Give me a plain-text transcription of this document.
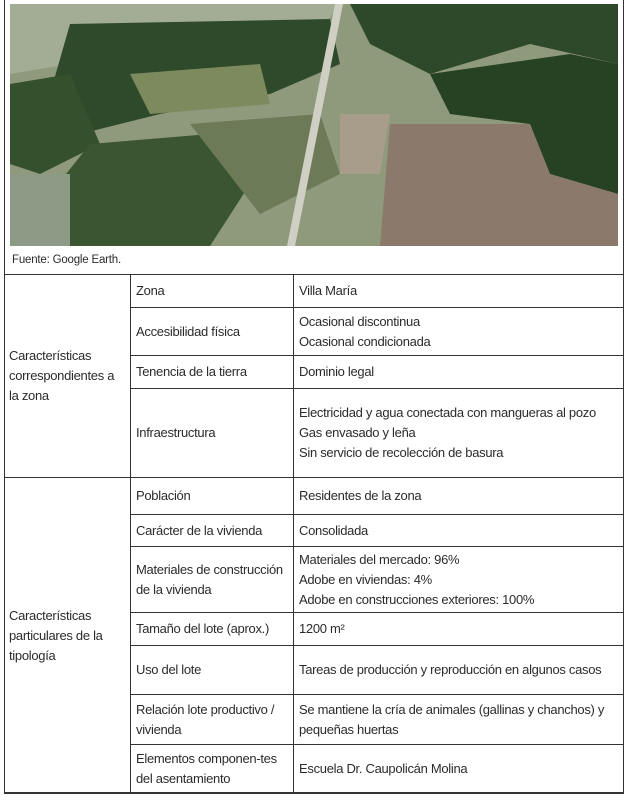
Fuente: Google Earth.
Características correspondientes a la zona	Zona	Villa María

	Accesibilidad física	Ocasional discontinua
Ocasional condicionada

	Tenencia de la tierra	Dominio legal

	Infraestructura	Electricidad y agua conectada con mangueras al pozo
Gas envasado y leña
Sin servicio de recolección de basura

Características particulares de la tipología	Población	Residentes de la zona

	Carácter de la vivienda	Consolidada

	Materiales de construcción de la vivienda	Materiales del mercado: 96%
Adobe en viviendas: 4%
Adobe en construcciones exteriores: 100%

	Tamaño del lote (aprox.)	1200 m²

	Uso del lote	Tareas de producción y reproducción en algunos casos

	Relación lote productivo / vivienda	Se mantiene la cría de animales (gallinas y chanchos) y pequeñas huertas

	Elementos componen-tes del asentamiento	Escuela Dr. Caupolicán Molina
